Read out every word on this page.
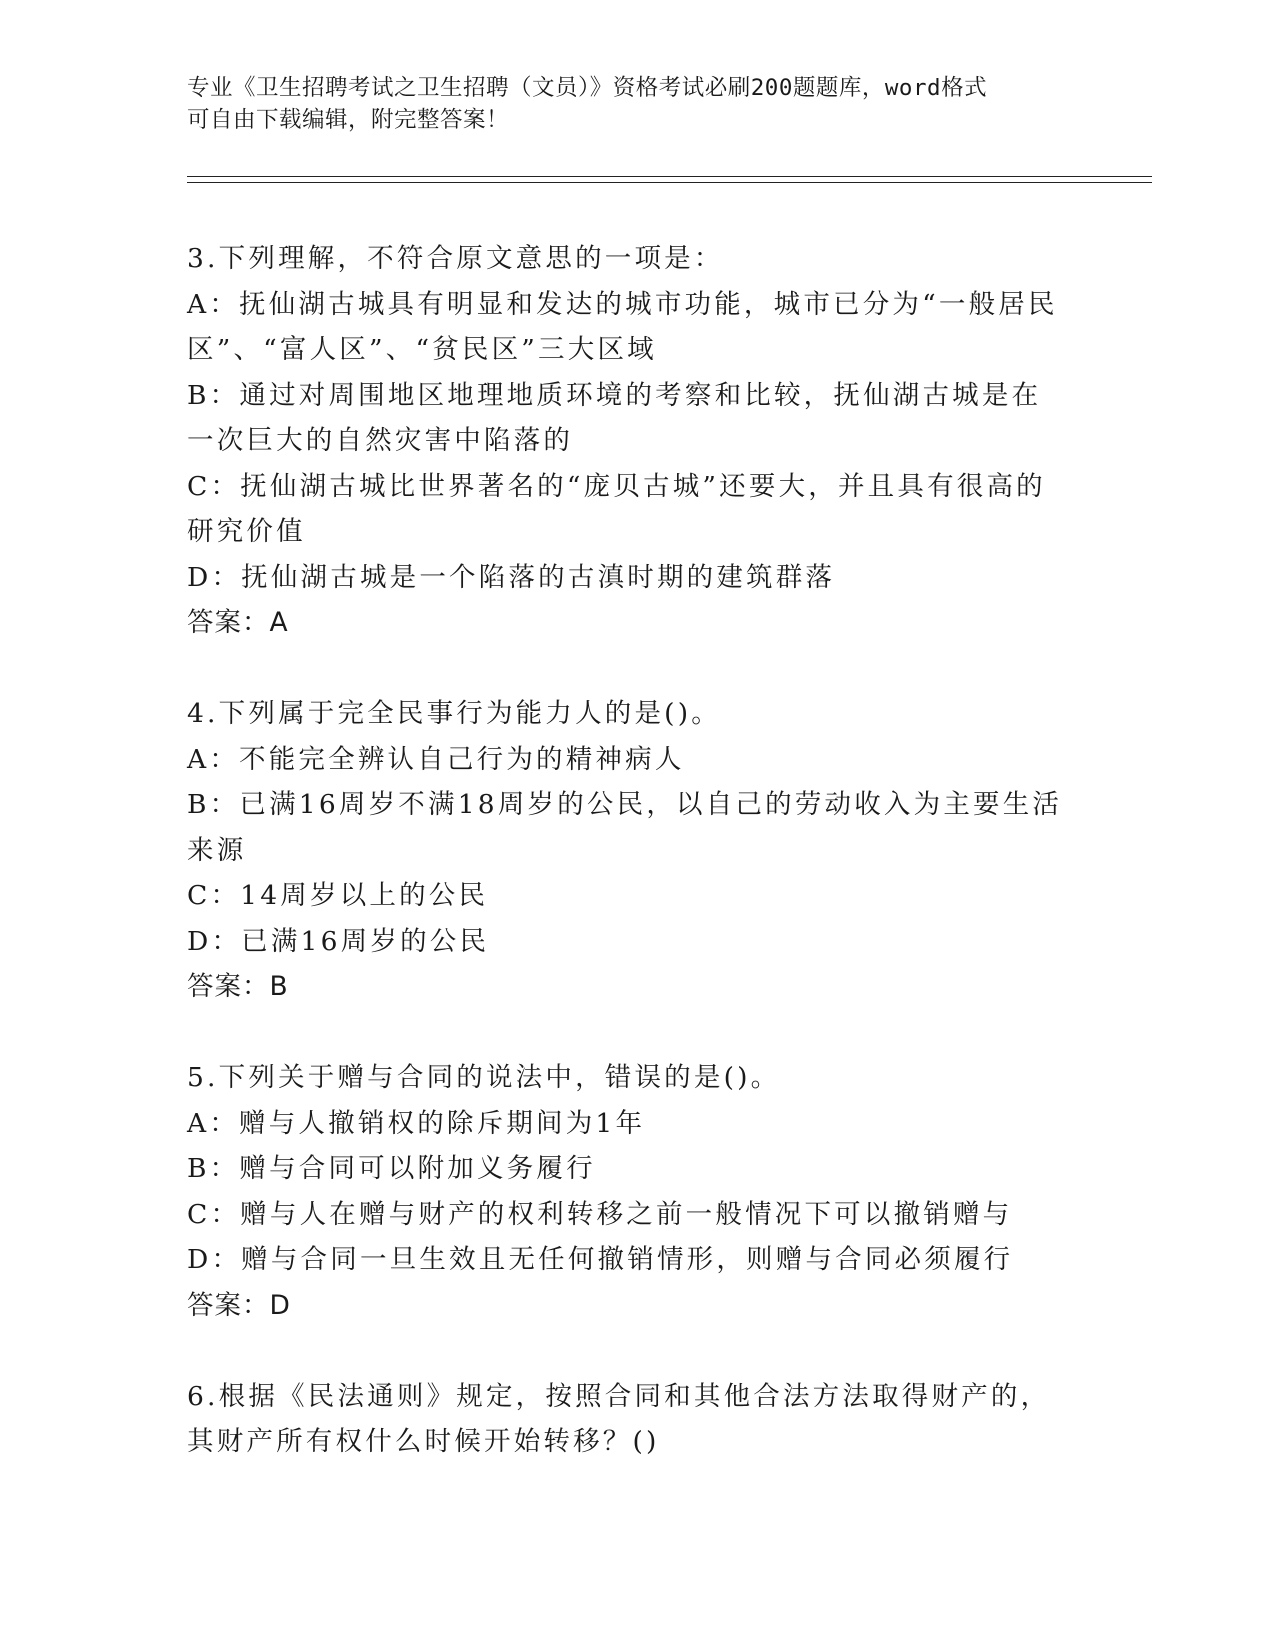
专业《卫生招聘考试之卫生招聘（文员）》资格考试必刷200题题库，word格式
可自由下载编辑，附完整答案！
3.下列理解，不符合原文意思的一项是：
A：抚仙湖古城具有明显和发达的城市功能，城市已分为“一般居民区”、“富人区”、“贫民区”三大区域
B：通过对周围地区地理地质环境的考察和比较，抚仙湖古城是在一次巨大的自然灾害中陷落的
C：抚仙湖古城比世界著名的“庞贝古城”还要大，并且具有很高的研究价值
D：抚仙湖古城是一个陷落的古滇时期的建筑群落
答案：A
4.下列属于完全民事行为能力人的是()。
A：不能完全辨认自己行为的精神病人
B：已满16周岁不满18周岁的公民，以自己的劳动收入为主要生活来源
C：14周岁以上的公民
D：已满16周岁的公民
答案：B
5.下列关于赠与合同的说法中，错误的是()。
A：赠与人撤销权的除斥期间为1年
B：赠与合同可以附加义务履行
C：赠与人在赠与财产的权利转移之前一般情况下可以撤销赠与
D：赠与合同一旦生效且无任何撤销情形，则赠与合同必须履行
答案：D
6.根据《民法通则》规定，按照合同和其他合法方法取得财产的，其财产所有权什么时候开始转移？()
